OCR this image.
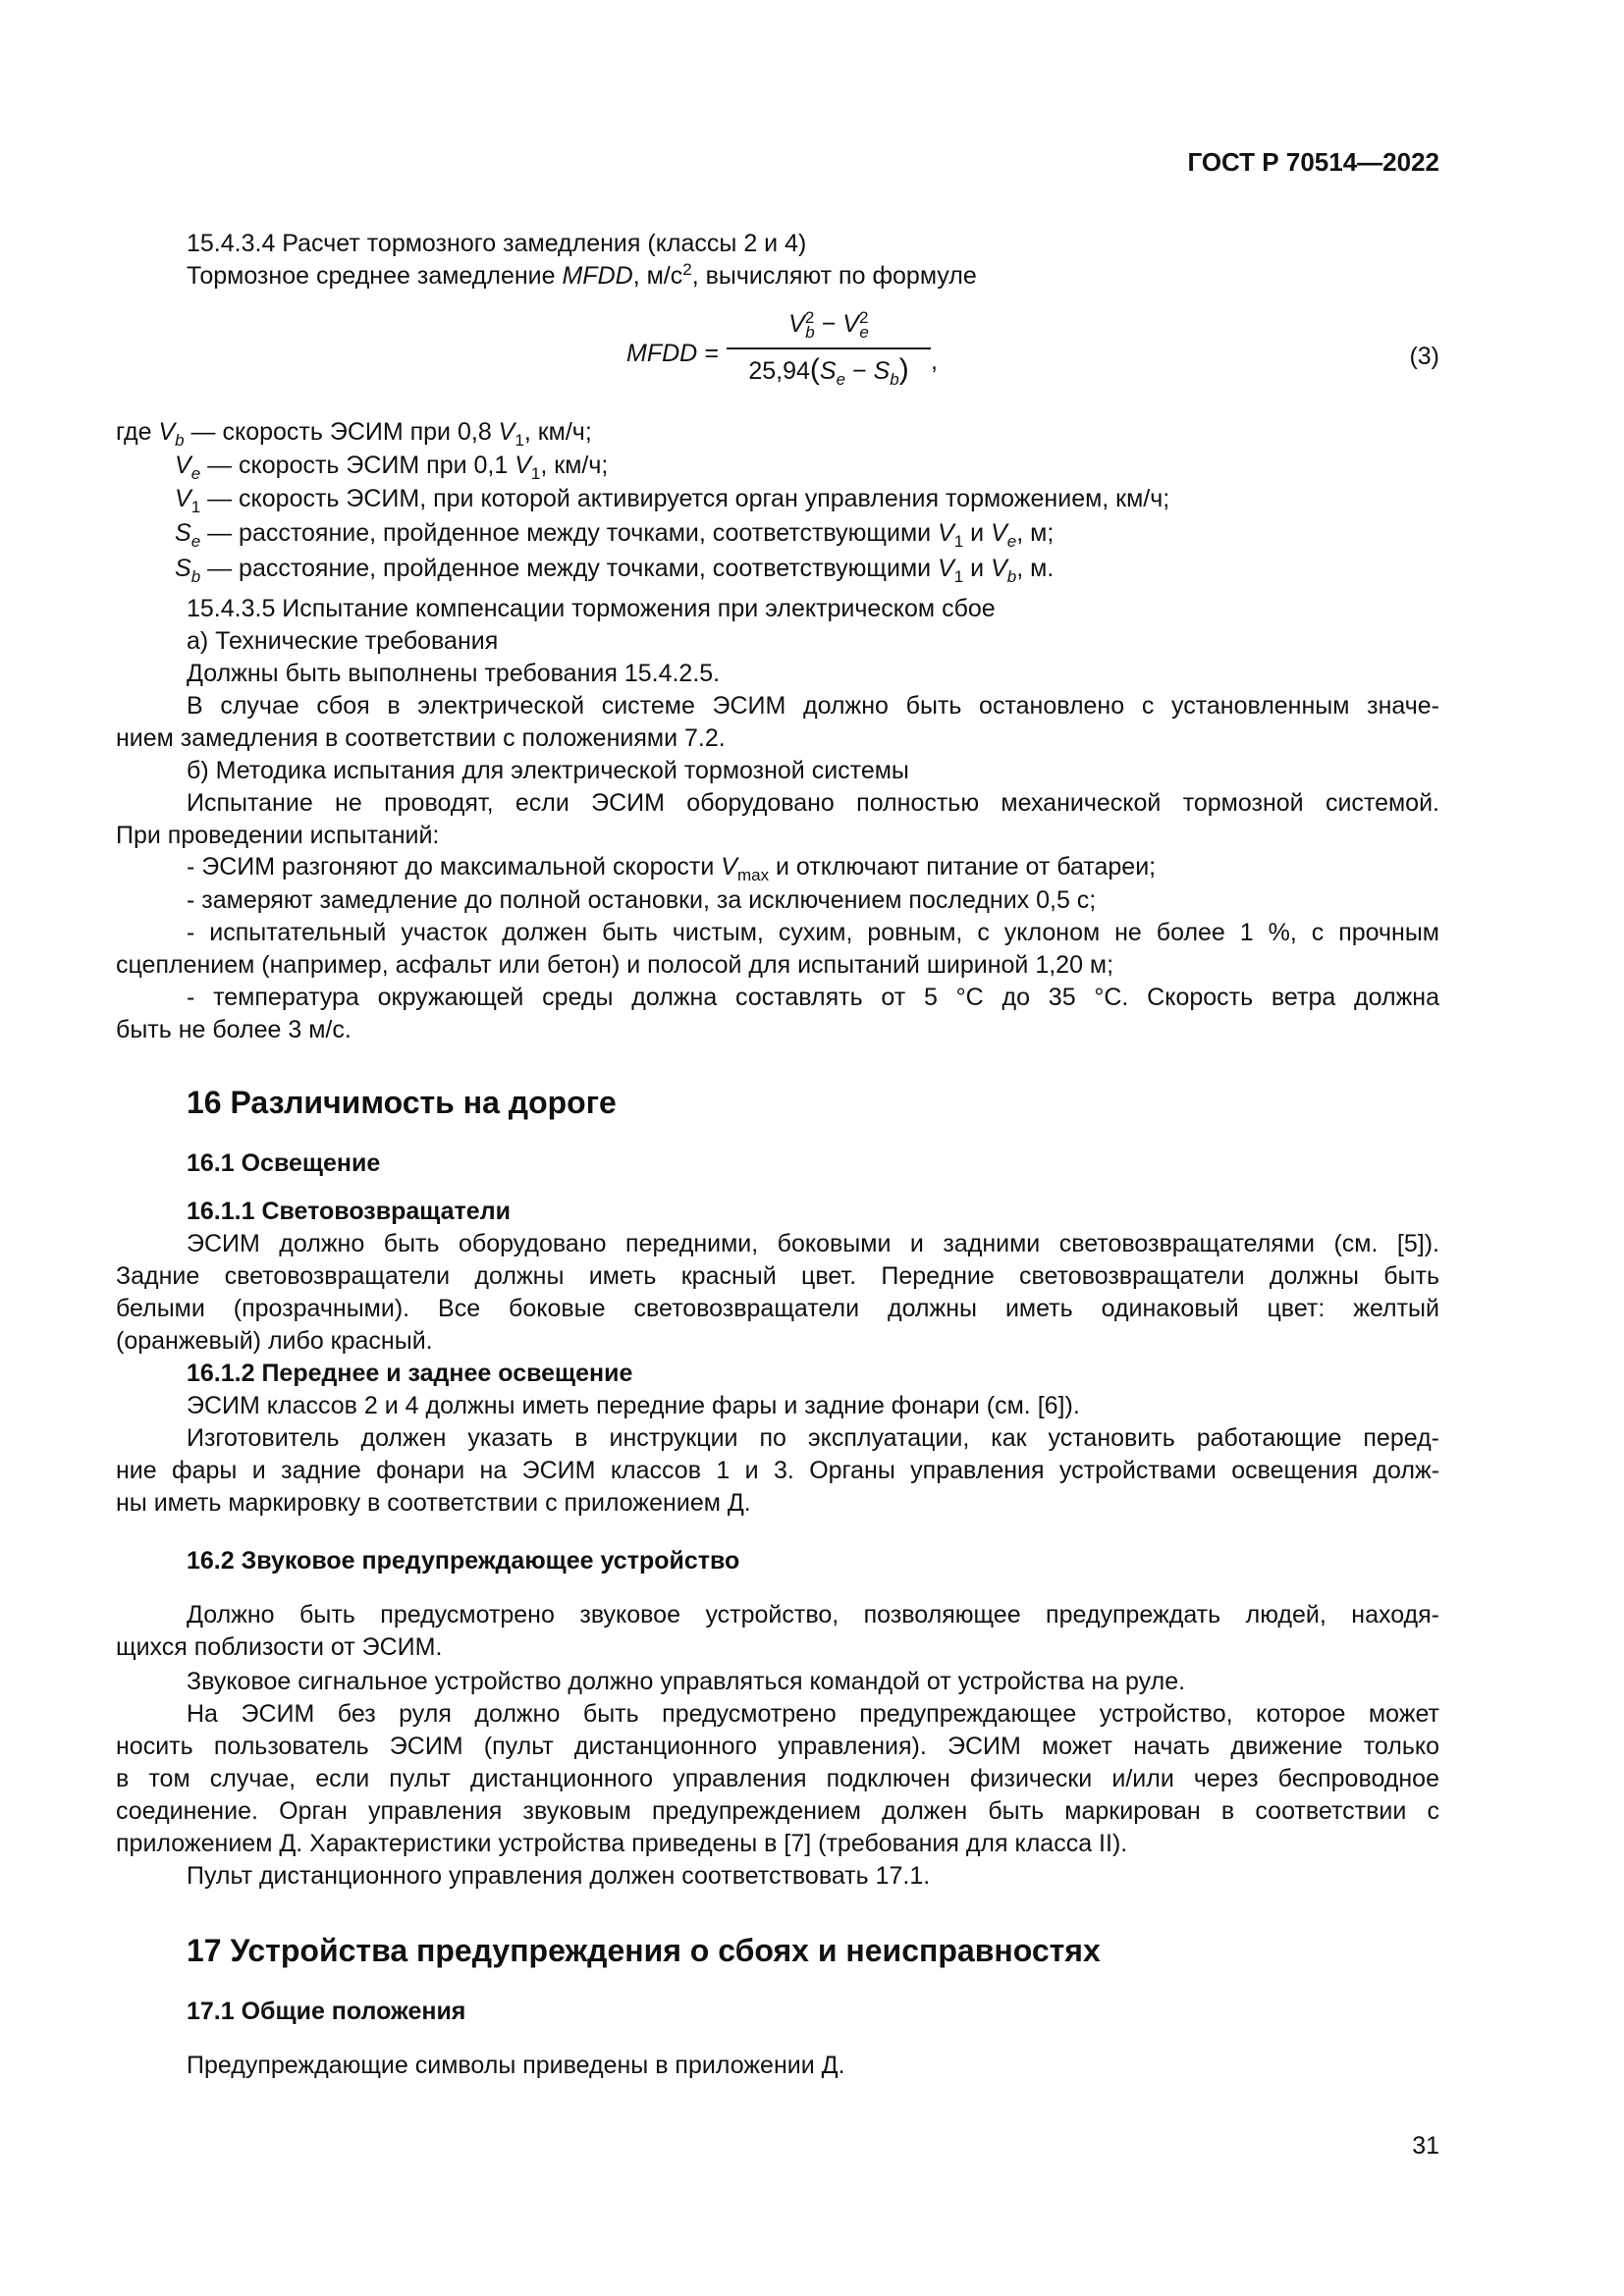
ГОСТ Р 70514—2022
15.4.3.4 Расчет тормозного замедления (классы 2 и 4)
Тормозное среднее замедление MFDD, $м/с^2$, вычисляют по формуле
MFDD =
$V^2_b - V^2_e$
$25,94(S_e - S_b)$ ,	(3)
где $V_b$ — скорость ЭСИМ при 0,8 $V_1$, км/ч;
$V_e$ — скорость ЭСИМ при 0,1 $V_1$, км/ч;
$V_1$ — скорость ЭСИМ, при которой активируется орган управления торможением, км/ч;
$S_e$ — расстояние, пройденное между точками, соответствующими $V_1$ и $V_e$, м;
$S_b$ — расстояние, пройденное между точками, соответствующими $V_1$ и $V_b$, м.
15.4.3.5 Испытание компенсации торможения при электрическом сбое
а) Технические требования
Должны быть выполнены требования 15.4.2.5.
В случае сбоя в электрической системе ЭСИМ должно быть остановлено с установленным значе-
нием замедления в соответствии с положениями 7.2.
б) Методика испытания для электрической тормозной системы
Испытание не проводят, если ЭСИМ оборудовано полностью механической тормозной системой.
При проведении испытаний:
- ЭСИМ разгоняют до максимальной скорости $V_{max}$ и отключают питание от батареи;
- замеряют замедление до полной остановки, за исключением последних 0,5 с;
- испытательный участок должен быть чистым, сухим, ровным, с уклоном не более 1 %, с прочным
сцеплением (например, асфальт или бетон) и полосой для испытаний шириной 1,20 м;
- температура окружающей среды должна составлять от 5 °С до 35 °С. Скорость ветра должна
быть не более 3 м/с.
16 Различимость на дороге
16.1 Освещение
16.1.1 Световозвращатели
ЭСИМ должно быть оборудовано передними, боковыми и задними световозвращателями (см. [5]).
Задние световозвращатели должны иметь красный цвет. Передние световозвращатели должны быть
белыми (прозрачными). Все боковые световозвращатели должны иметь одинаковый цвет: желтый
(оранжевый) либо красный.
16.1.2 Переднее и заднее освещение
ЭСИМ классов 2 и 4 должны иметь передние фары и задние фонари (см. [6]).
Изготовитель должен указать в инструкции по эксплуатации, как установить работающие перед-
ние фары и задние фонари на ЭСИМ классов 1 и 3. Органы управления устройствами освещения долж-
ны иметь маркировку в соответствии с приложением Д.
16.2 Звуковое предупреждающее устройство
Должно быть предусмотрено звуковое устройство, позволяющее предупреждать людей, находя-
щихся поблизости от ЭСИМ.
Звуковое сигнальное устройство должно управляться командой от устройства на руле.
На ЭСИМ без руля должно быть предусмотрено предупреждающее устройство, которое может
носить пользователь ЭСИМ (пульт дистанционного управления). ЭСИМ может начать движение только
в том случае, если пульт дистанционного управления подключен физически и/или через беспроводное
соединение. Орган управления звуковым предупреждением должен быть маркирован в соответствии с
приложением Д. Характеристики устройства приведены в [7] (требования для класса II).
Пульт дистанционного управления должен соответствовать 17.1.
17 Устройства предупреждения о сбоях и неисправностях
17.1 Общие положения
Предупреждающие символы приведены в приложении Д.
31
